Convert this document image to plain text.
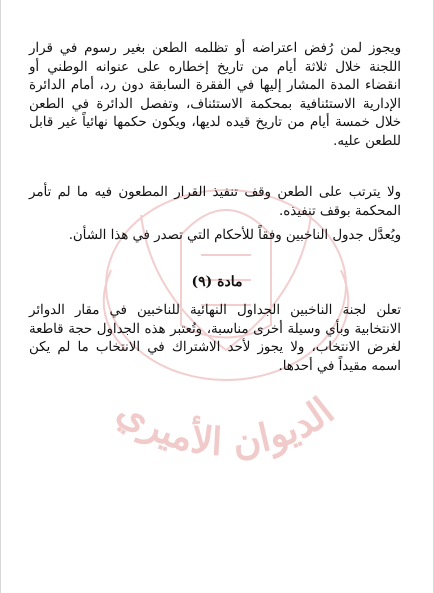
الديوان الأميري

ويجوز لمن رُفض اعتراضه أو تظلمه الطعن بغير رسوم في قرار اللجنة خلال ثلاثة أيام من تاريخ إخطاره على عنوانه الوطني أو انقضاء المدة المشار إليها في الفقرة السابقة دون رد، أمام الدائرة الإدارية الاستئنافية بمحكمة الاستئناف، وتفصل الدائرة في الطعن خلال خمسة أيام من تاريخ قيده لديها، ويكون حكمها نهائياً غير قابل للطعن عليه.

ولا يترتب على الطعن وقف تنفيذ القرار المطعون فيه ما لم تأمر المحكمة بوقف تنفيذه.

ويُعدَّل جدول الناخبين وفقاً للأحكام التي تصدر في هذا الشأن.

مادة (٩)

تعلن لجنة الناخبين الجداول النهائية للناخبين في مقار الدوائر الانتخابية وبأي وسيلة أخرى مناسبة، وتُعتبر هذه الجداول حجة قاطعة لغرض الانتخاب، ولا يجوز لأحد الاشتراك في الانتخاب ما لم يكن اسمه مقيداً في أحدها.
